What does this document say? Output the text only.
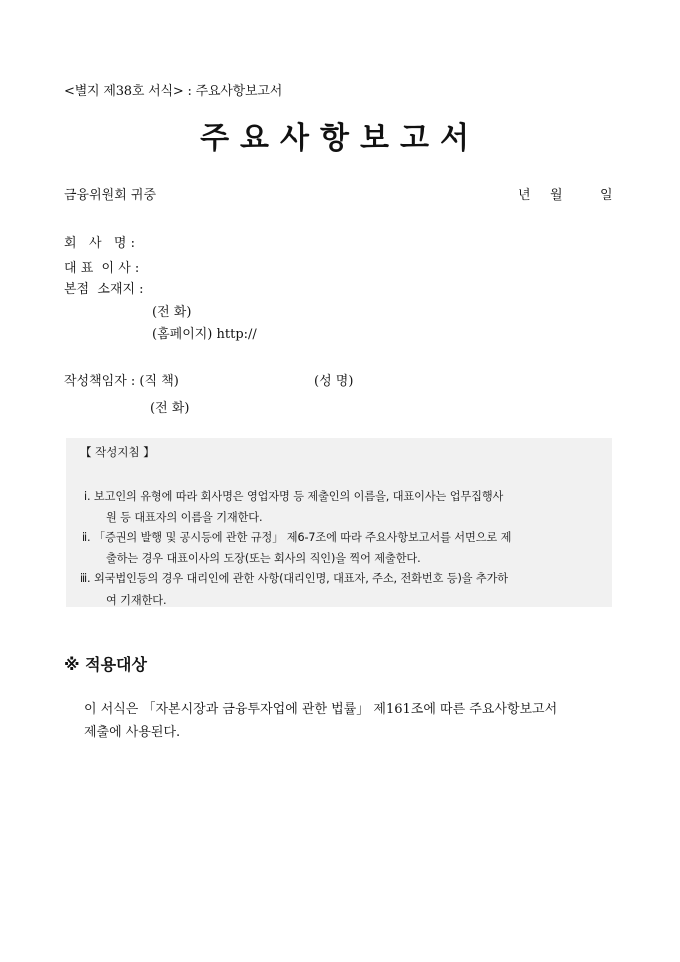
<별지 제38호 서식> : 주요사항보고서
주요사항보고서
금융위원회 귀중	년 월	일
회   사   명 :
대 표  이 사 :
본점  소재지 :
(전 화)
(홈페이지) http://
작성책임자 : (직 책)	(성 명)
(전 화)
【 작성지침 】
ⅰ. 보고인의 유형에 따라 회사명은 영업자명 등 제출인의 이름을, 대표이사는 업무집행사
원 등 대표자의 이름을 기재한다.
ⅱ. 「증권의 발행 및 공시등에 관한 규정」 제6-7조에 따라 주요사항보고서를 서면으로 제
출하는 경우 대표이사의 도장(또는 회사의 직인)을 찍어 제출한다.
ⅲ. 외국법인등의 경우 대리인에 관한 사항(대리인명, 대표자, 주소, 전화번호 등)을 추가하
여 기재한다.
※ 적용대상
이 서식은 「자본시장과 금융투자업에 관한 법률」 제161조에 따른 주요사항보고서
제출에 사용된다.
